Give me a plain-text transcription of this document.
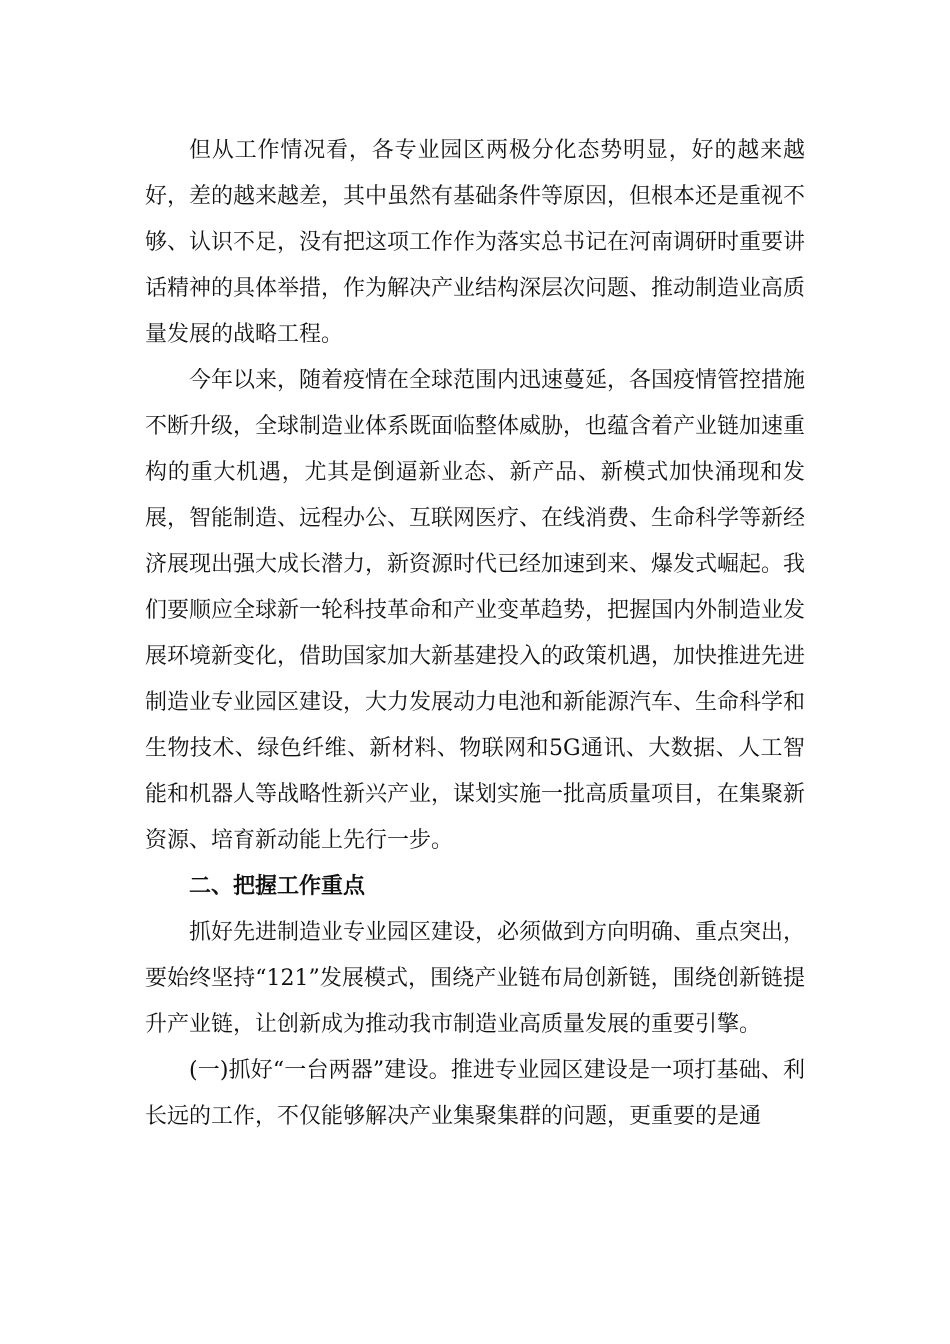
但从工作情况看，各专业园区两极分化态势明显，好的越来越好，差的越来越差，其中虽然有基础条件等原因，但根本还是重视不够、认识不足，没有把这项工作作为落实总书记在河南调研时重要讲话精神的具体举措，作为解决产业结构深层次问题、推动制造业高质量发展的战略工程。

今年以来，随着疫情在全球范围内迅速蔓延，各国疫情管控措施不断升级，全球制造业体系既面临整体威胁，也蕴含着产业链加速重构的重大机遇，尤其是倒逼新业态、新产品、新模式加快涌现和发展，智能制造、远程办公、互联网医疗、在线消费、生命科学等新经济展现出强大成长潜力，新资源时代已经加速到来、爆发式崛起。我们要顺应全球新一轮科技革命和产业变革趋势，把握国内外制造业发展环境新变化，借助国家加大新基建投入的政策机遇，加快推进先进制造业专业园区建设，大力发展动力电池和新能源汽车、生命科学和生物技术、绿色纤维、新材料、物联网和5G通讯、大数据、人工智能和机器人等战略性新兴产业，谋划实施一批高质量项目，在集聚新资源、培育新动能上先行一步。

二、把握工作重点

抓好先进制造业专业园区建设，必须做到方向明确、重点突出，要始终坚持“121”发展模式，围绕产业链布局创新链，围绕创新链提升产业链，让创新成为推动我市制造业高质量发展的重要引擎。

(一)抓好“一台两器”建设。推进专业园区建设是一项打基础、利长远的工作，不仅能够解决产业集聚集群的问题，更重要的是通
